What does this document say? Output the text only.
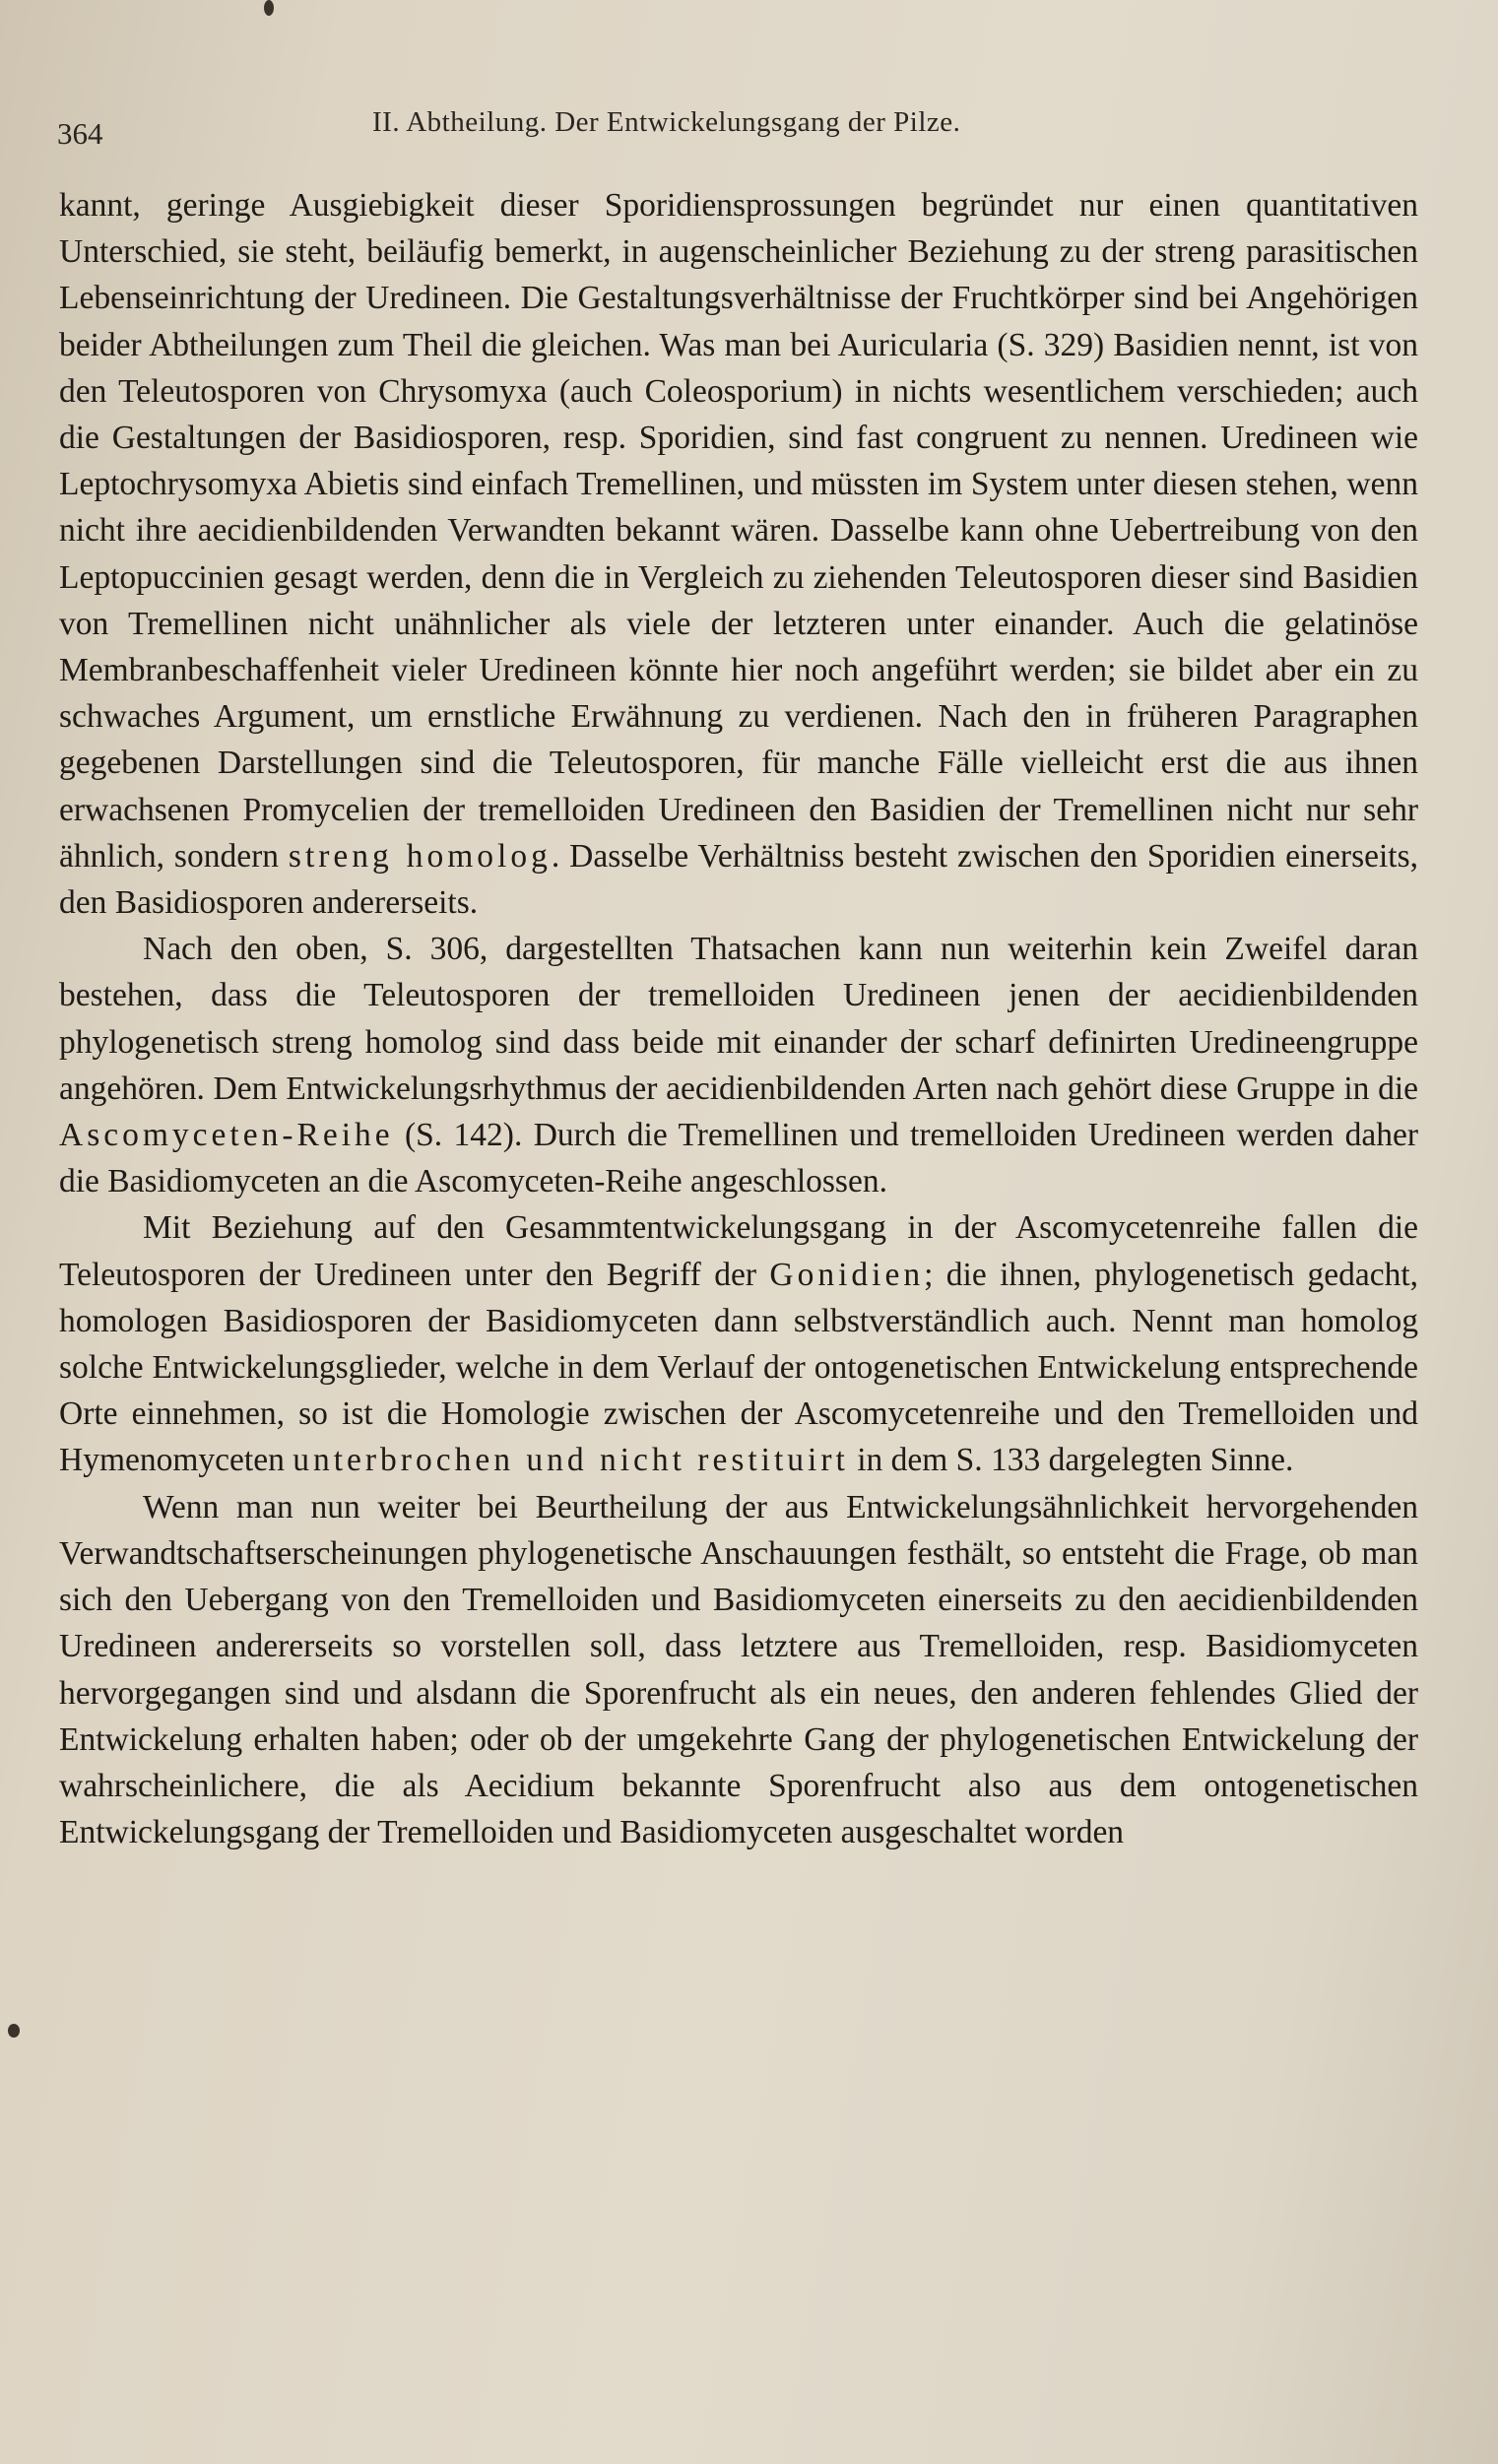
364	II. Abtheilung. Der Entwickelungsgang der Pilze.

kannt, geringe Ausgiebigkeit dieser Sporidiensprossungen begründet nur einen quantitativen Unterschied, sie steht, beiläufig bemerkt, in augenscheinlicher Beziehung zu der streng parasitischen Lebenseinrichtung der Uredineen. Die Gestaltungsverhältnisse der Fruchtkörper sind bei Angehörigen beider Abtheilungen zum Theil die gleichen. Was man bei Auricularia (S. 329) Basidien nennt, ist von den Teleutosporen von Chrysomyxa (auch Coleosporium) in nichts wesentlichem verschieden; auch die Gestaltungen der Basidiosporen, resp. Sporidien, sind fast congruent zu nennen. Uredineen wie Leptochrysomyxa Abietis sind einfach Tremellinen, und müssten im System unter diesen stehen, wenn nicht ihre aecidienbildenden Verwandten bekannt wären. Dasselbe kann ohne Uebertreibung von den Leptopuccinien gesagt werden, denn die in Vergleich zu ziehenden Teleutosporen dieser sind Basidien von Tremellinen nicht unähnlicher als viele der letzteren unter einander. Auch die gelatinöse Membranbeschaffenheit vieler Uredineen könnte hier noch angeführt werden; sie bildet aber ein zu schwaches Argument, um ernstliche Erwähnung zu verdienen. Nach den in früheren Paragraphen gegebenen Darstellungen sind die Teleutosporen, für manche Fälle vielleicht erst die aus ihnen erwachsenen Promycelien der tremelloiden Uredineen den Basidien der Tremellinen nicht nur sehr ähnlich, sondern streng homolog. Dasselbe Verhältniss besteht zwischen den Sporidien einerseits, den Basidiosporen andererseits.

Nach den oben, S. 306, dargestellten Thatsachen kann nun weiterhin kein Zweifel daran bestehen, dass die Teleutosporen der tremelloiden Uredineen jenen der aecidienbildenden phylogenetisch streng homolog sind dass beide mit einander der scharf definirten Uredineengruppe angehören. Dem Entwickelungsrhythmus der aecidienbildenden Arten nach gehört diese Gruppe in die Ascomyceten-Reihe (S. 142). Durch die Tremellinen und tremelloiden Uredineen werden daher die Basidiomyceten an die Ascomyceten-Reihe angeschlossen.

Mit Beziehung auf den Gesammtentwickelungsgang in der Ascomycetenreihe fallen die Teleutosporen der Uredineen unter den Begriff der Gonidien; die ihnen, phylogenetisch gedacht, homologen Basidiosporen der Basidiomyceten dann selbstverständlich auch. Nennt man homolog solche Entwickelungsglieder, welche in dem Verlauf der ontogenetischen Entwickelung entsprechende Orte einnehmen, so ist die Homologie zwischen der Ascomycetenreihe und den Tremelloiden und Hymenomyceten unterbrochen und nicht restituirt in dem S. 133 dargelegten Sinne.

Wenn man nun weiter bei Beurtheilung der aus Entwickelungsähnlichkeit hervorgehenden Verwandtschaftserscheinungen phylogenetische Anschauungen festhält, so entsteht die Frage, ob man sich den Uebergang von den Tremelloiden und Basidiomyceten einerseits zu den aecidienbildenden Uredineen andererseits so vorstellen soll, dass letztere aus Tremelloiden, resp. Basidiomyceten hervorgegangen sind und alsdann die Sporenfrucht als ein neues, den anderen fehlendes Glied der Entwickelung erhalten haben; oder ob der umgekehrte Gang der phylogenetischen Entwickelung der wahrscheinlichere, die als Aecidium bekannte Sporenfrucht also aus dem ontogenetischen Entwickelungsgang der Tremelloiden und Basidiomyceten ausgeschaltet worden
